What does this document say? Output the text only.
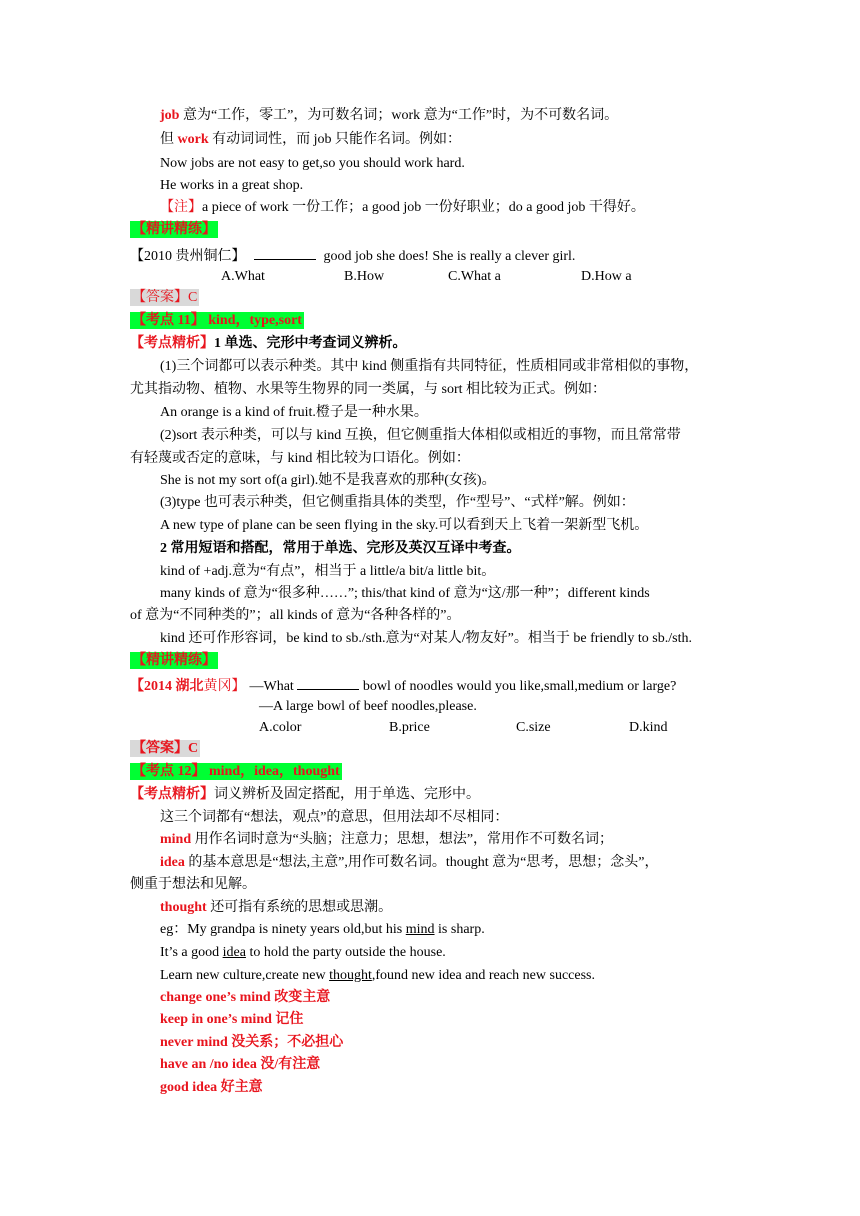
job 意为“工作，零工”，为可数名词；work 意为“工作”时，为不可数名词。
但 work 有动词词性，而 job 只能作名词。例如：
Now jobs are not easy to get,so you should work hard.
He works in a great shop.
【注】a piece of work 一份工作；a good job 一份好职业；do a good job 干得好。
【精讲精练】
【2010 贵州铜仁】	good job she does! She is really a clever girl.
A.What	B.How	C.What a	D.How a
【答案】C
【考点 11】 kind，type,sort
【考点精析】1 单选、完形中考查词义辨析。
(1)三个词都可以表示种类。其中 kind 侧重指有共同特征，性质相同或非常相似的事物，
尤其指动物、植物、水果等生物界的同一类属，与 sort 相比较为正式。例如：
An orange is a kind of fruit.橙子是一种水果。
(2)sort 表示种类，可以与 kind 互换，但它侧重指大体相似或相近的事物，而且常常带
有轻蔑或否定的意味，与 kind 相比较为口语化。例如：
She is not my sort of(a girl).她不是我喜欢的那种(女孩)。
(3)type 也可表示种类，但它侧重指具体的类型，作“型号”、“式样”解。例如：
A new type of plane can be seen flying in the sky.可以看到天上飞着一架新型飞机。
2 常用短语和搭配，常用于单选、完形及英汉互译中考查。
kind of +adj.意为“有点”，相当于 a little/a bit/a little bit。
many kinds of 意为“很多种……”; this/that kind of 意为“这/那一种”；different kinds
of 意为“不同种类的”；all kinds of 意为“各种各样的”。
kind 还可作形容词，be kind to sb./sth.意为“对某人/物友好”。相当于 be friendly to sb./sth.
【精讲精练】
【2014 湖北黄冈】 —What	bowl of noodles would you like,small,medium or large?
—A large bowl of beef noodles,please.
A.color	B.price	C.size	D.kind
【答案】C
【考点 12】 mind，idea，thought
【考点精析】词义辨析及固定搭配，用于单选、完形中。
这三个词都有“想法，观点”的意思，但用法却不尽相同：
mind 用作名词时意为“头脑；注意力；思想，想法”，常用作不可数名词；
idea 的基本意思是“想法,主意”,用作可数名词。thought 意为“思考，思想；念头”，
侧重于想法和见解。
thought 还可指有系统的思想或思潮。
eg：My grandpa is ninety years old,but his mind is sharp.
It’s a good idea to hold the party outside the house.
Learn new culture,create new thought,found new idea and reach new success.
change one’s mind 改变主意
keep in one’s mind 记住
never mind 没关系；不必担心
have an /no idea 没/有注意
good idea 好主意
